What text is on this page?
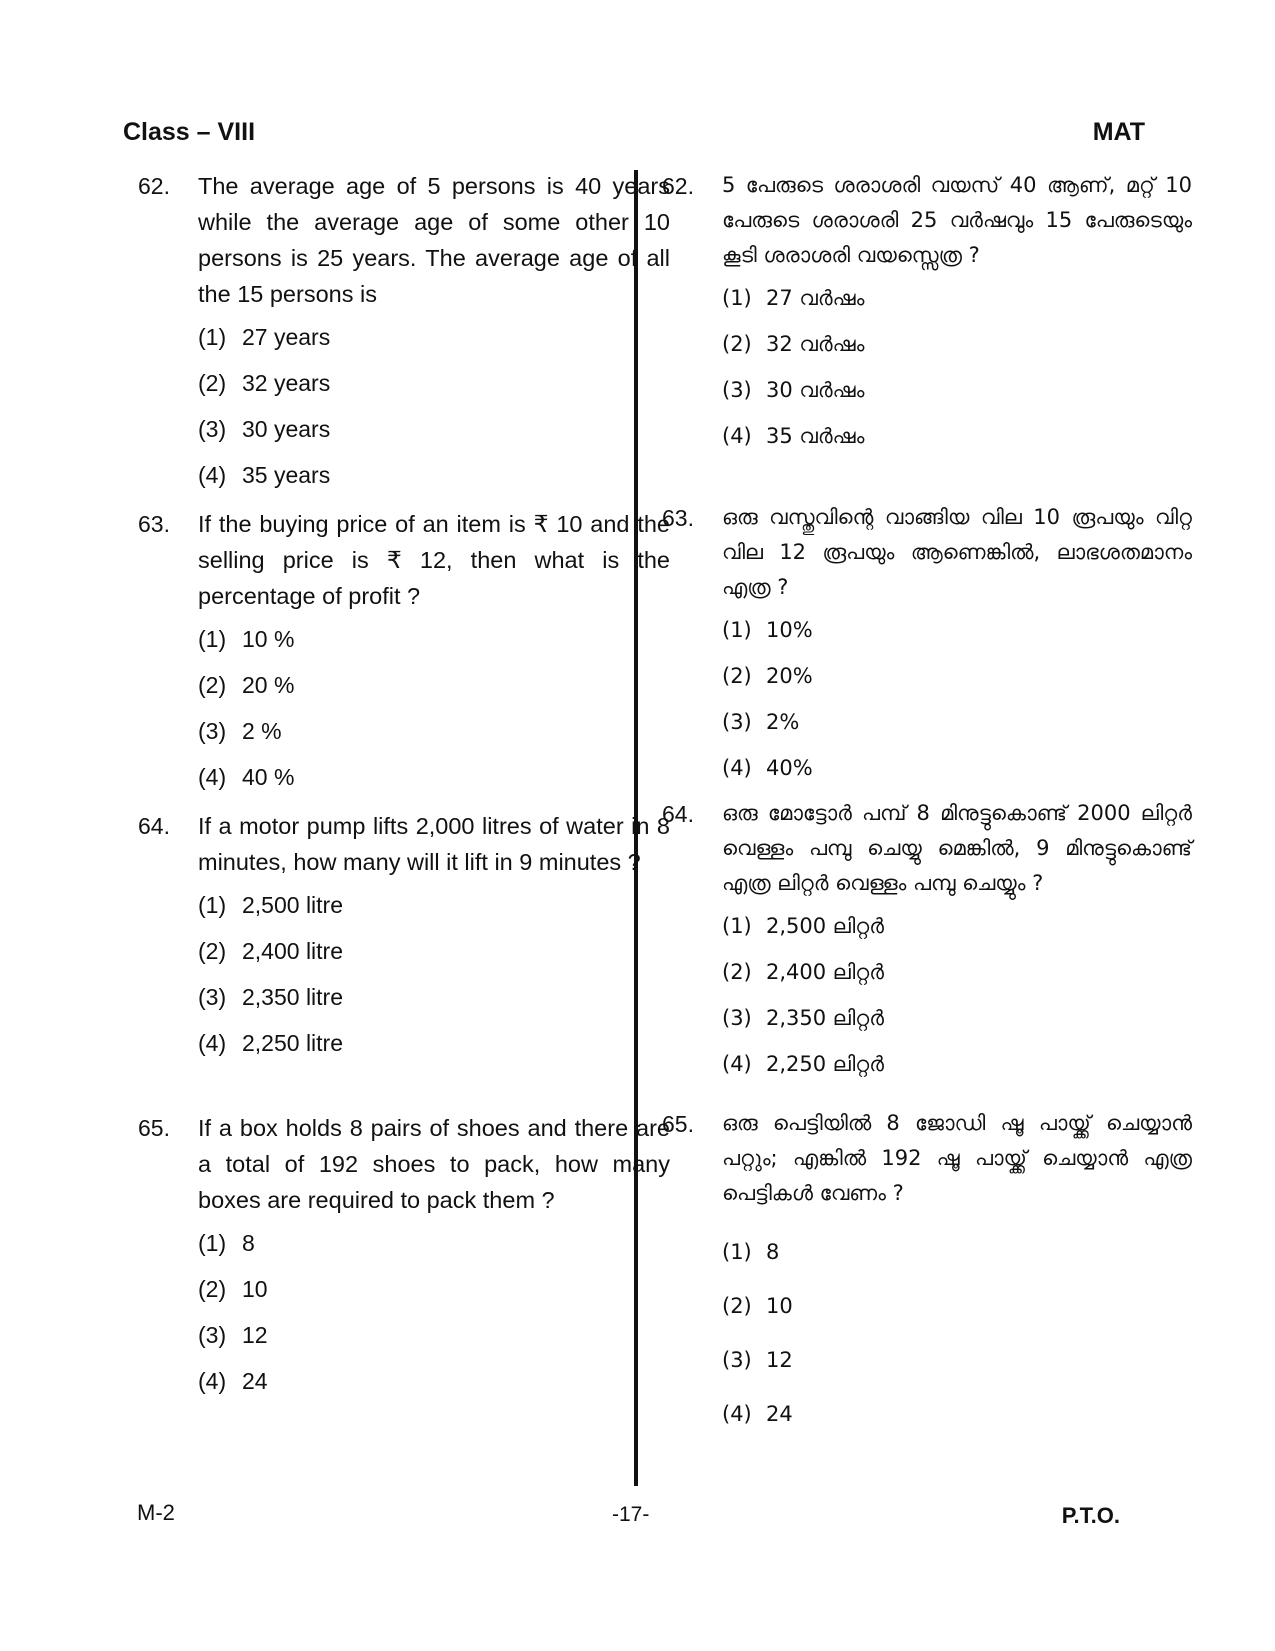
Class – VIII	MAT
62. The average age of 5 persons is 40 years while the average age of some other 10 persons is 25 years. The average age of all the 15 persons is

(1) 27 years
(2) 32 years
(3) 30 years
(4) 35 years
63. If the buying price of an item is ₹ 10 and the selling price is ₹ 12, then what is the percentage of profit ?

(1) 10 %
(2) 20 %
(3) 2 %
(4) 40 %
64. If a motor pump lifts 2,000 litres of water in 8 minutes, how many will it lift in 9 minutes ?

(1) 2,500 litre
(2) 2,400 litre
(3) 2,350 litre
(4) 2,250 litre
65. If a box holds 8 pairs of shoes and there are a total of 192 shoes to pack, how many boxes are required to pack them ?

(1) 8
(2) 10
(3) 12
(4) 24
62. 5 പേരുടെ ശരാശരി വയസ് 40 ആണ്, മറ്റ് 10 പേരുടെ ശരാശരി 25 വർഷവും 15 പേരുടെയും കൂടി ശരാശരി വയസ്സെത്ര ?

(1) 27 വർഷം
(2) 32 വർഷം
(3) 30 വർഷം
(4) 35 വർഷം
63. ഒരു വസ്തുവിന്റെ വാങ്ങിയ വില 10 രൂപയും വിറ്റ വില 12 രൂപയും ആണെങ്കിൽ, ലാഭശതമാനം എത്ര ?

(1) 10%
(2) 20%
(3) 2%
(4) 40%
64. ഒരു മോട്ടോർ പമ്പ് 8 മിനുട്ടുകൊണ്ട് 2000 ലിറ്റർ വെള്ളം പമ്പു ചെയ്യു മെങ്കിൽ, 9 മിനുട്ടുകൊണ്ട് എത്ര ലിറ്റർ വെള്ളം പമ്പു ചെയ്യും ?

(1) 2,500 ലിറ്റർ
(2) 2,400 ലിറ്റർ
(3) 2,350 ലിറ്റർ
(4) 2,250 ലിറ്റർ
65. ഒരു പെട്ടിയിൽ 8 ജോഡി ഷൂ പായ്ക്ക് ചെയ്യാൻ പറ്റും; എങ്കിൽ 192 ഷൂ പായ്ക്ക് ചെയ്യാൻ എത്ര പെട്ടികൾ വേണം ?

(1) 8
(2) 10
(3) 12
(4) 24
M-2	-17-	P.T.O.
